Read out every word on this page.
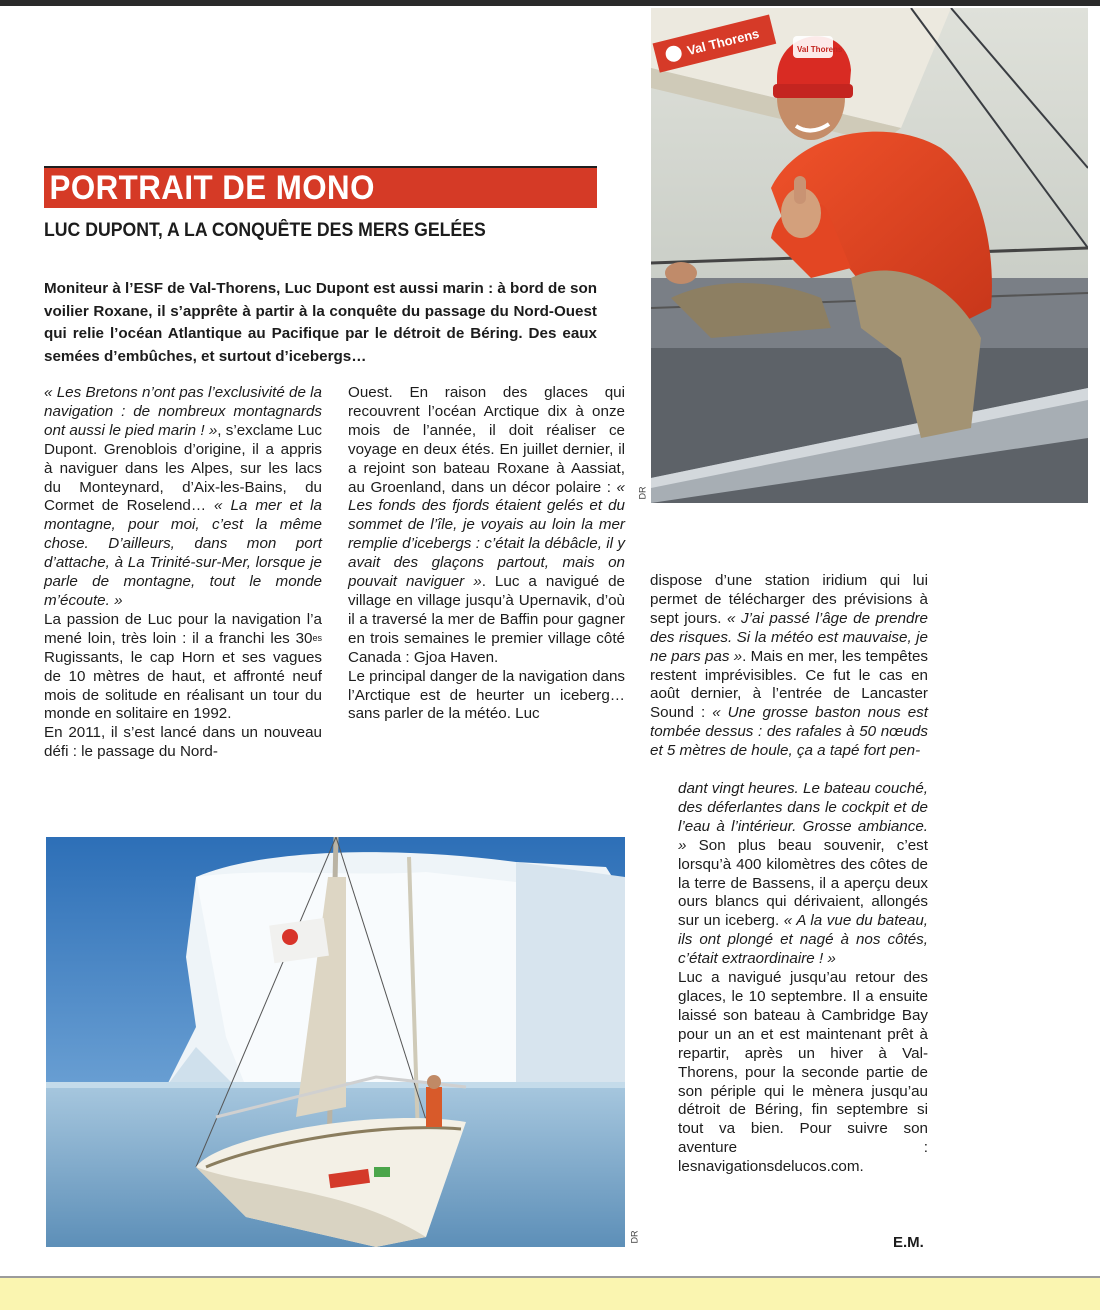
Val Thorens	Val Thorens
DR
PORTRAIT DE MONO
LUC DUPONT, A LA CONQUÊTE DES MERS GELÉES
Moniteur à l’ESF de Val-Thorens, Luc Dupont est aussi marin : à bord de son voilier Roxane, il s’apprête à partir à la conquête du passage du Nord-Ouest qui relie l’océan Atlantique au Pacifique par le détroit de Béring. Des eaux semées d’embûches, et surtout d’icebergs…

« Les Bretons n’ont pas l’exclusivité de la navigation : de nombreux montagnards ont aussi le pied marin ! », s’exclame Luc Dupont. Grenoblois d’origine, il a appris à naviguer dans les Alpes, sur les lacs du Monteynard, d’Aix-les-Bains, du Cormet de Roselend… « La mer et la montagne, pour moi, c’est la même chose. D’ailleurs, dans mon port d’attache, à La Trinité-sur-Mer, lorsque je parle de montagne, tout le monde m’écoute. »

La passion de Luc pour la navigation l’a mené loin, très loin : il a franchi les $30^{es}$ Rugissants, le cap Horn et ses vagues de 10 mètres de haut, et affronté neuf mois de solitude en réalisant un tour du monde en solitaire en 1992.

En 2011, il s’est lancé dans un nouveau défi : le passage du Nord-

Ouest. En raison des glaces qui recouvrent l’océan Arctique dix à onze mois de l’année, il doit réaliser ce voyage en deux étés. En juillet dernier, il a rejoint son bateau Roxane à Aassiat, au Groenland, dans un décor polaire : « Les fonds des fjords étaient gelés et du sommet de l’île, je voyais au loin la mer remplie d’icebergs : c’était la débâcle, il y avait des glaçons partout, mais on pouvait naviguer ». Luc a navigué de village en village jusqu’à Upernavik, d’où il a traversé la mer de Baffin pour gagner en trois semaines le premier village côté Canada : Gjoa Haven.

Le principal danger de la navigation dans l’Arctique est de heurter un iceberg… sans parler de la météo. Luc

dispose d’une station iridium qui lui permet de télécharger des prévisions à sept jours. « J’ai passé l’âge de prendre des risques. Si la météo est mauvaise, je ne pars pas ». Mais en mer, les tempêtes restent imprévisibles. Ce fut le cas en août dernier, à l’entrée de Lancaster Sound : « Une grosse baston nous est tombée dessus : des rafales à 50 nœuds et 5 mètres de houle, ça a tapé fort pen-

dant vingt heures. Le bateau couché, des déferlantes dans le cockpit et de l’eau à l’intérieur. Grosse ambiance. » Son plus beau souvenir, c’est lorsqu’à 400 kilomètres des côtes de la terre de Bassens, il a aperçu deux ours blancs qui dérivaient, allongés sur un iceberg. « A la vue du bateau, ils ont plongé et nagé à nos côtés, c’était extraordinaire ! »

Luc a navigué jusqu’au retour des glaces, le 10 septembre. Il a ensuite laissé son bateau à Cambridge Bay pour un an et est maintenant prêt à repartir, après un hiver à Val-Thorens, pour la seconde partie de son périple qui le mènera jusqu’au détroit de Béring, fin septembre si tout va bien. Pour suivre son aventure : lesnavigationsdelucos.com.

DR	E.M.
